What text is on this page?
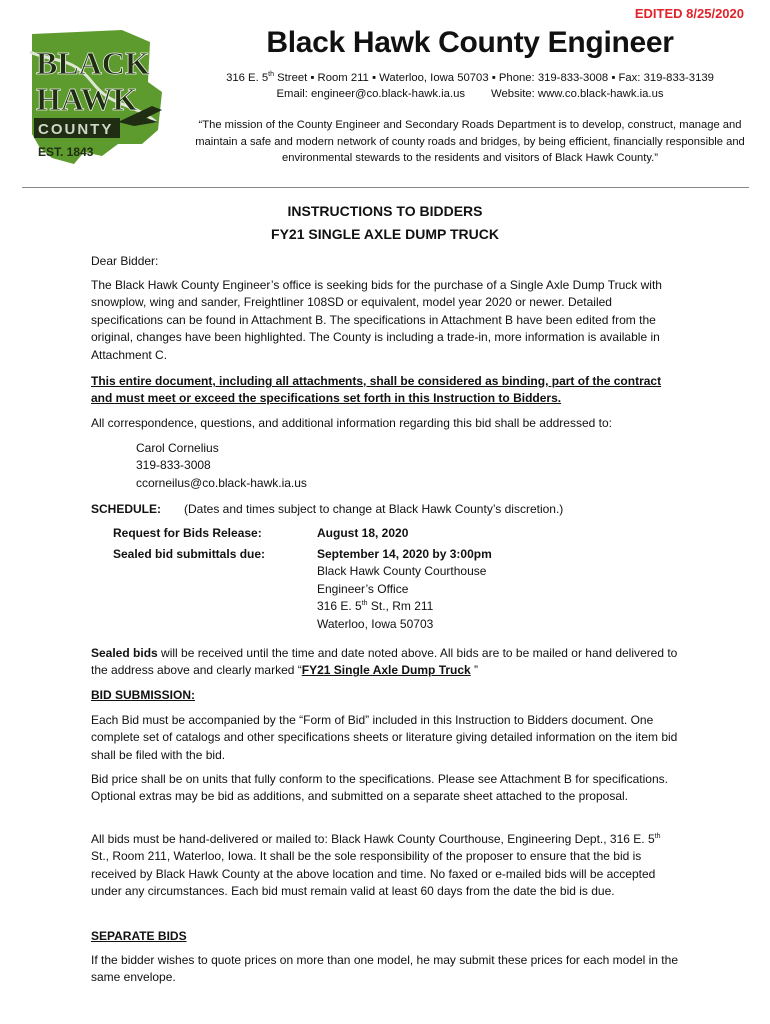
EDITED 8/25/2020
BLACK
HAWK
COUNTY
EST. 1843
Black Hawk County Engineer
316 E. 5th Street ▪ Room 211 ▪ Waterloo, Iowa 50703 ▪ Phone: 319-833-3008 ▪ Fax: 319-833-3139
Email: engineer@co.black-hawk.ia.us Website: www.co.black-hawk.ia.us
“The mission of the County Engineer and Secondary Roads Department is to develop, construct, manage and maintain a safe and modern network of county roads and bridges, by being efficient, financially responsible and environmental stewards to the residents and visitors of Black Hawk County.”
INSTRUCTIONS TO BIDDERS
FY21 SINGLE AXLE DUMP TRUCK
Dear Bidder:
The Black Hawk County Engineer’s office is seeking bids for the purchase of a Single Axle Dump Truck with snowplow, wing and sander, Freightliner 108SD or equivalent, model year 2020 or newer. Detailed specifications can be found in Attachment B. The specifications in Attachment B have been edited from the original, changes have been highlighted. The County is including a trade-in, more information is available in Attachment C.
This entire document, including all attachments, shall be considered as binding, part of the contract and must meet or exceed the specifications set forth in this Instruction to Bidders.
All correspondence, questions, and additional information regarding this bid shall be addressed to:
Carol Cornelius
319-833-3008
ccorneilus@co.black-hawk.ia.us
SCHEDULE:	(Dates and times subject to change at Black Hawk County’s discretion.)
Request for Bids Release:	August 18, 2020
Sealed bid submittals due:	September 14, 2020 by 3:00pm
Black Hawk County Courthouse
Engineer’s Office
316 E. 5th St., Rm 211
Waterloo, Iowa 50703
Sealed bids will be received until the time and date noted above. All bids are to be mailed or hand delivered to the address above and clearly marked “FY21 Single Axle Dump Truck ”
BID SUBMISSION:
Each Bid must be accompanied by the “Form of Bid” included in this Instruction to Bidders document. One complete set of catalogs and other specifications sheets or literature giving detailed information on the item bid shall be filed with the bid.
Bid price shall be on units that fully conform to the specifications. Please see Attachment B for specifications. Optional extras may be bid as additions, and submitted on a separate sheet attached to the proposal.
All bids must be hand-delivered or mailed to: Black Hawk County Courthouse, Engineering Dept., 316 E. 5th St., Room 211, Waterloo, Iowa. It shall be the sole responsibility of the proposer to ensure that the bid is received by Black Hawk County at the above location and time. No faxed or e-mailed bids will be accepted under any circumstances. Each bid must remain valid at least 60 days from the date the bid is due.
SEPARATE BIDS
If the bidder wishes to quote prices on more than one model, he may submit these prices for each model in the same envelope.
